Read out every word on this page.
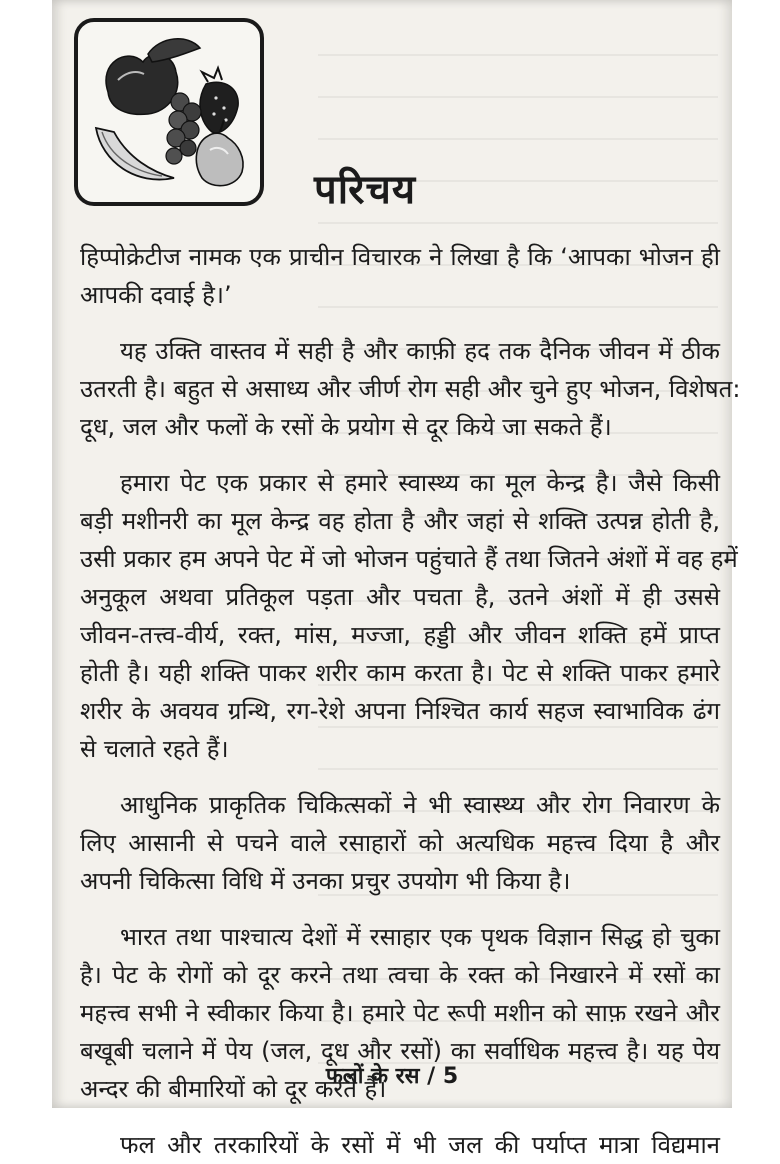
परिचय
हिप्पोक्रेटीज नामक एक प्राचीन विचारक ने लिखा है कि ‘आपका भोजन ही
आपकी दवाई है।’
यह उक्ति वास्तव में सही है और काफ़ी हद तक दैनिक जीवन में ठीक
उतरती है। बहुत से असाध्य और जीर्ण रोग सही और चुने हुए भोजन, विशेषत:
दूध, जल और फलों के रसों के प्रयोग से दूर किये जा सकते हैं।
हमारा पेट एक प्रकार से हमारे स्वास्थ्य का मूल केन्द्र है। जैसे किसी
बड़ी मशीनरी का मूल केन्द्र वह होता है और जहां से शक्ति उत्पन्न होती है,
उसी प्रकार हम अपने पेट में जो भोजन पहुंचाते हैं तथा जितने अंशों में वह हमें
अनुकूल अथवा प्रतिकूल पड़ता और पचता है, उतने अंशों में ही उससे
जीवन-तत्त्व-वीर्य, रक्त, मांस, मज्जा, हड्डी और जीवन शक्ति हमें प्राप्त
होती है। यही शक्ति पाकर शरीर काम करता है। पेट से शक्ति पाकर हमारे
शरीर के अवयव ग्रन्थि, रग-रेशे अपना निश्चित कार्य सहज स्वाभाविक ढंग
से चलाते रहते हैं।
आधुनिक प्राकृतिक चिकित्सकों ने भी स्वास्थ्य और रोग निवारण के
लिए आसानी से पचने वाले रसाहारों को अत्यधिक महत्त्व दिया है और
अपनी चिकित्सा विधि में उनका प्रचुर उपयोग भी किया है।
भारत तथा पाश्चात्य देशों में रसाहार एक पृथक विज्ञान सिद्ध हो चुका
है। पेट के रोगों को दूर करने तथा त्वचा के रक्त को निखारने में रसों का
महत्त्व सभी ने स्वीकार किया है। हमारे पेट रूपी मशीन को साफ़ रखने और
बखूबी चलाने में पेय (जल, दूध और रसों) का सर्वाधिक महत्त्व है। यह पेय
अन्दर की बीमारियों को दूर करते हैं।
फल और तरकारियों के रसों में भी जल की पर्याप्त मात्रा विद्यमान
फलों के रस / 5
